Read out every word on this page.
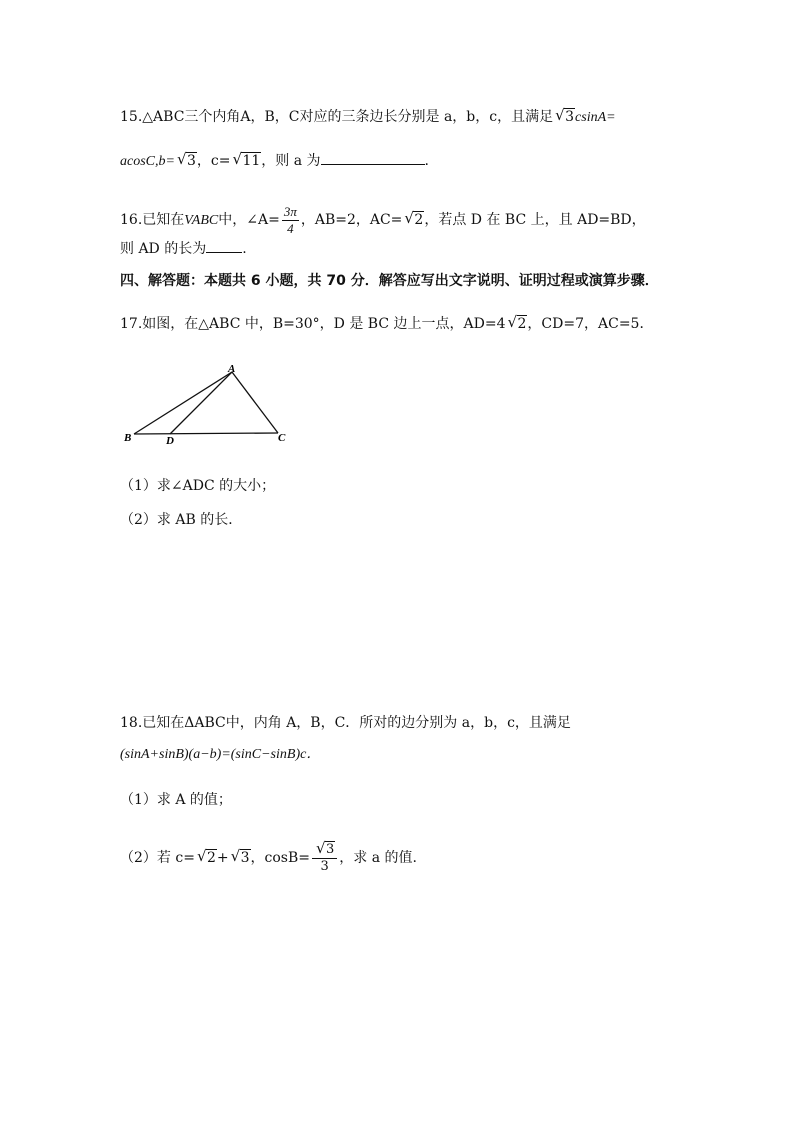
15.△ABC三个内角A，B，C对应的三条边长分别是 a，b，c，且满足 √ 3csinA=
acosC,b= √ 3，c= √ 11，则 a 为	.
16.已知在VABC中，∠A= $\frac{3\pi}{4}$ ，AB=2，AC= √ 2，若点 D 在 BC 上，且 AD=BD，
则 AD 的长为	.
四、解答题：本题共 6 小题，共 70 分．解答应写出文字说明、证明过程或演算步骤．
17.如图，在△ABC 中，B=30°，D 是 BC 边上一点，AD=4 √ 2，CD=7，AC=5．
A
B	D	C
（1）求∠ADC 的大小；
（2）求 AB 的长．
18.已知在ΔABC中，内角 A，B，C．所对的边分别为 a，b，c，且满足
(sinA+sinB)(a−b)=(sinC−sinB)c．
（1）求 A 的值；
（2）若 c= √ 2+ √ 3，cosB= √ $\frac{3}{3}$ ，求 a 的值.
